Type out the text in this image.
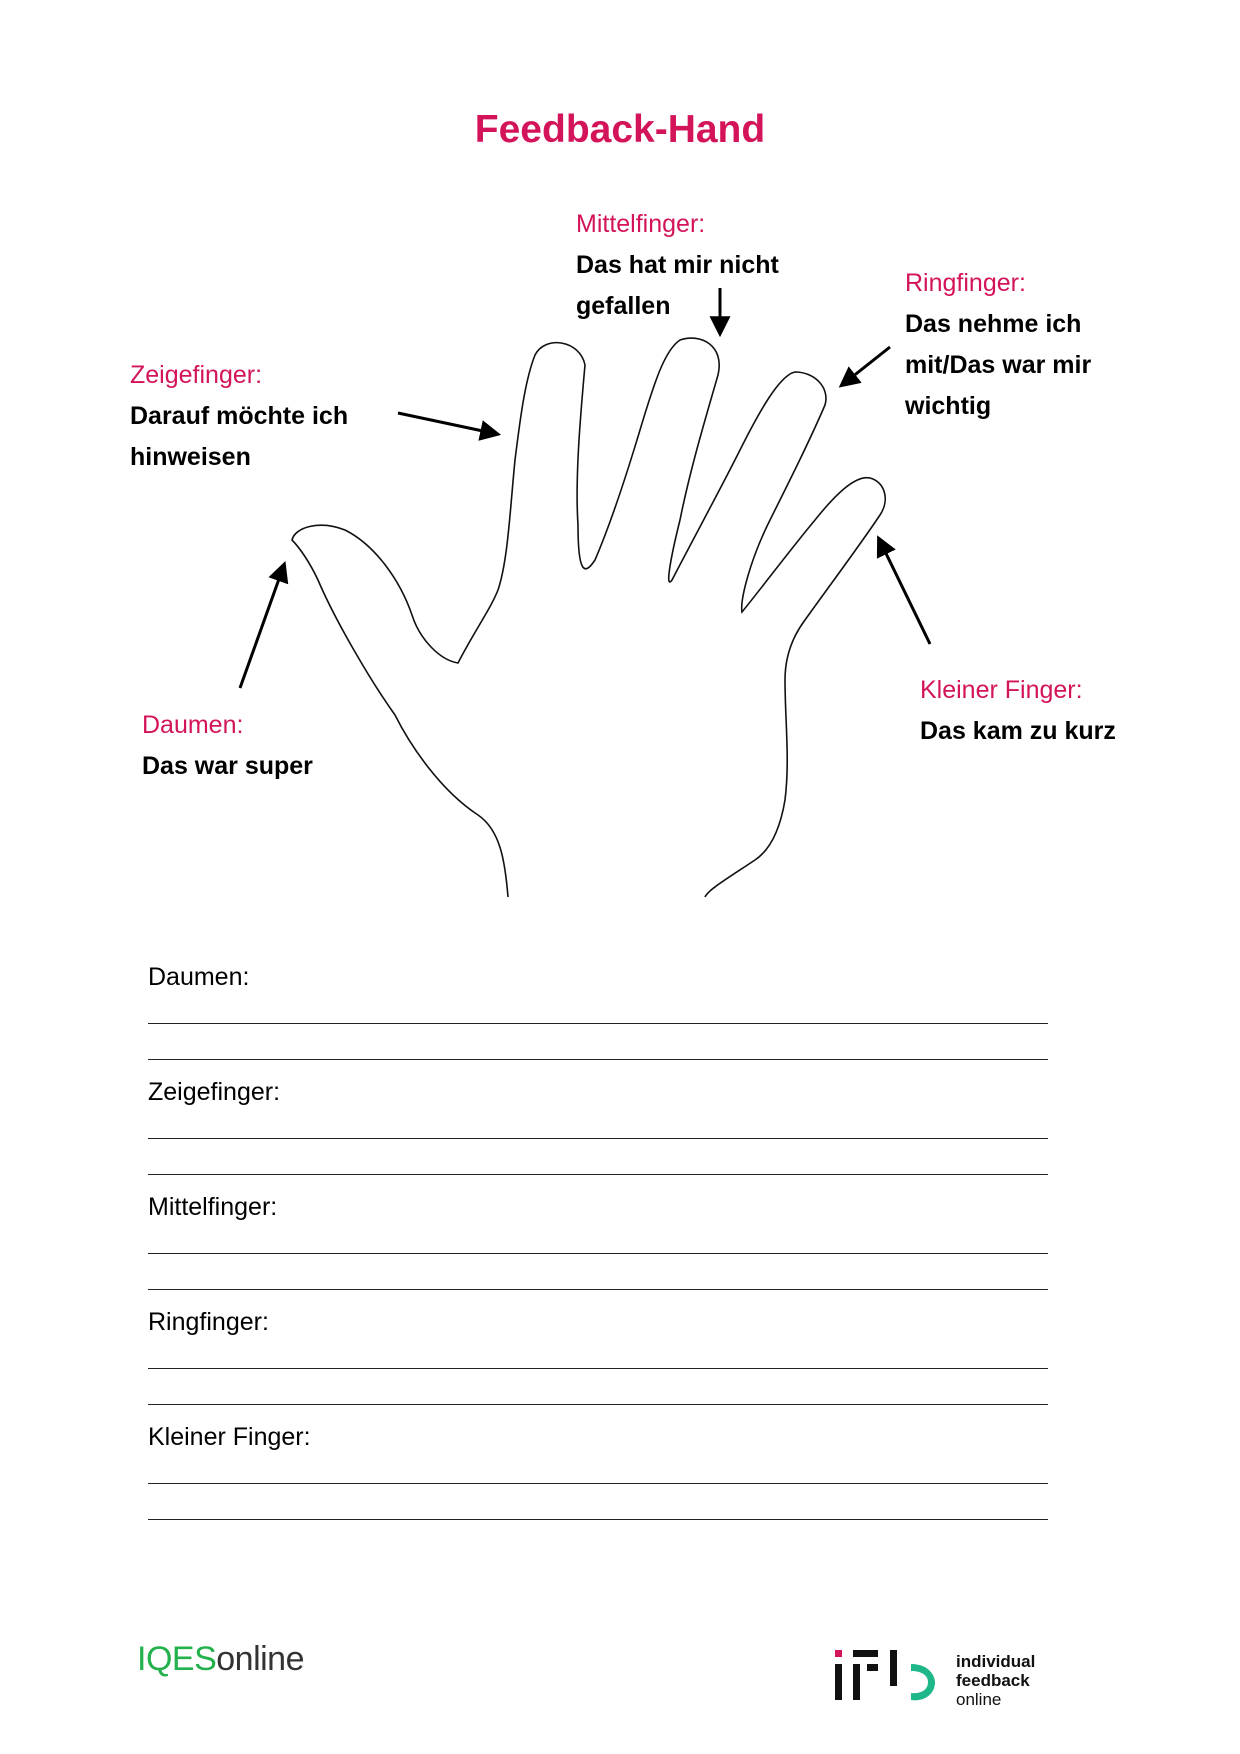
Feedback-Hand
Mittelfinger:
Das hat mir nicht
gefallen
Ringfinger:
Das nehme ich
mit/Das war mir
wichtig
Zeigefinger:
Darauf möchte ich
hinweisen
Kleiner Finger:
Das kam zu kurz
Daumen:
Das war super
Daumen:
Zeigefinger:
Mittelfinger:
Ringfinger:
Kleiner Finger:
IQESonline	individual
feedback
online
